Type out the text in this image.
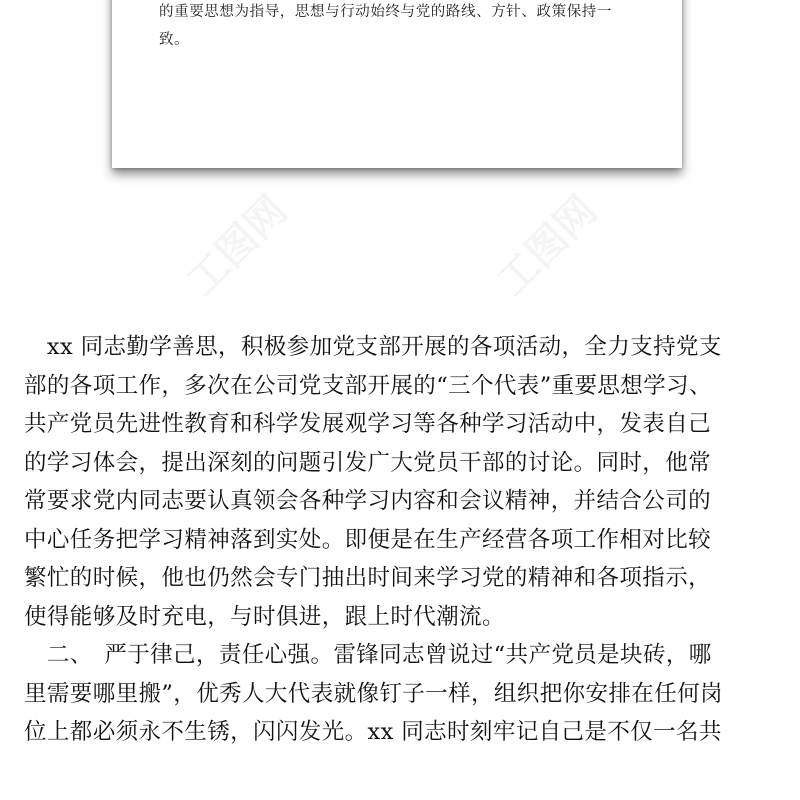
的重要思想为指导，思想与行动始终与党的路线、方针、政策保持一
致。
　xx 同志勤学善思，积极参加党支部开展的各项活动，全力支持党支
部的各项工作，多次在公司党支部开展的“三个代表”重要思想学习、
共产党员先进性教育和科学发展观学习等各种学习活动中，发表自己
的学习体会，提出深刻的问题引发广大党员干部的讨论。同时，他常
常要求党内同志要认真领会各种学习内容和会议精神，并结合公司的
中心任务把学习精神落到实处。即便是在生产经营各项工作相对比较
繁忙的时候，他也仍然会专门抽出时间来学习党的精神和各项指示，
使得能够及时充电，与时俱进，跟上时代潮流。
　二、　严于律己，责任心强。雷锋同志曾说过“共产党员是块砖，哪
里需要哪里搬”，优秀人大代表就像钉子一样，组织把你安排在任何岗
位上都必须永不生锈，闪闪发光。xx 同志时刻牢记自己是不仅一名共
